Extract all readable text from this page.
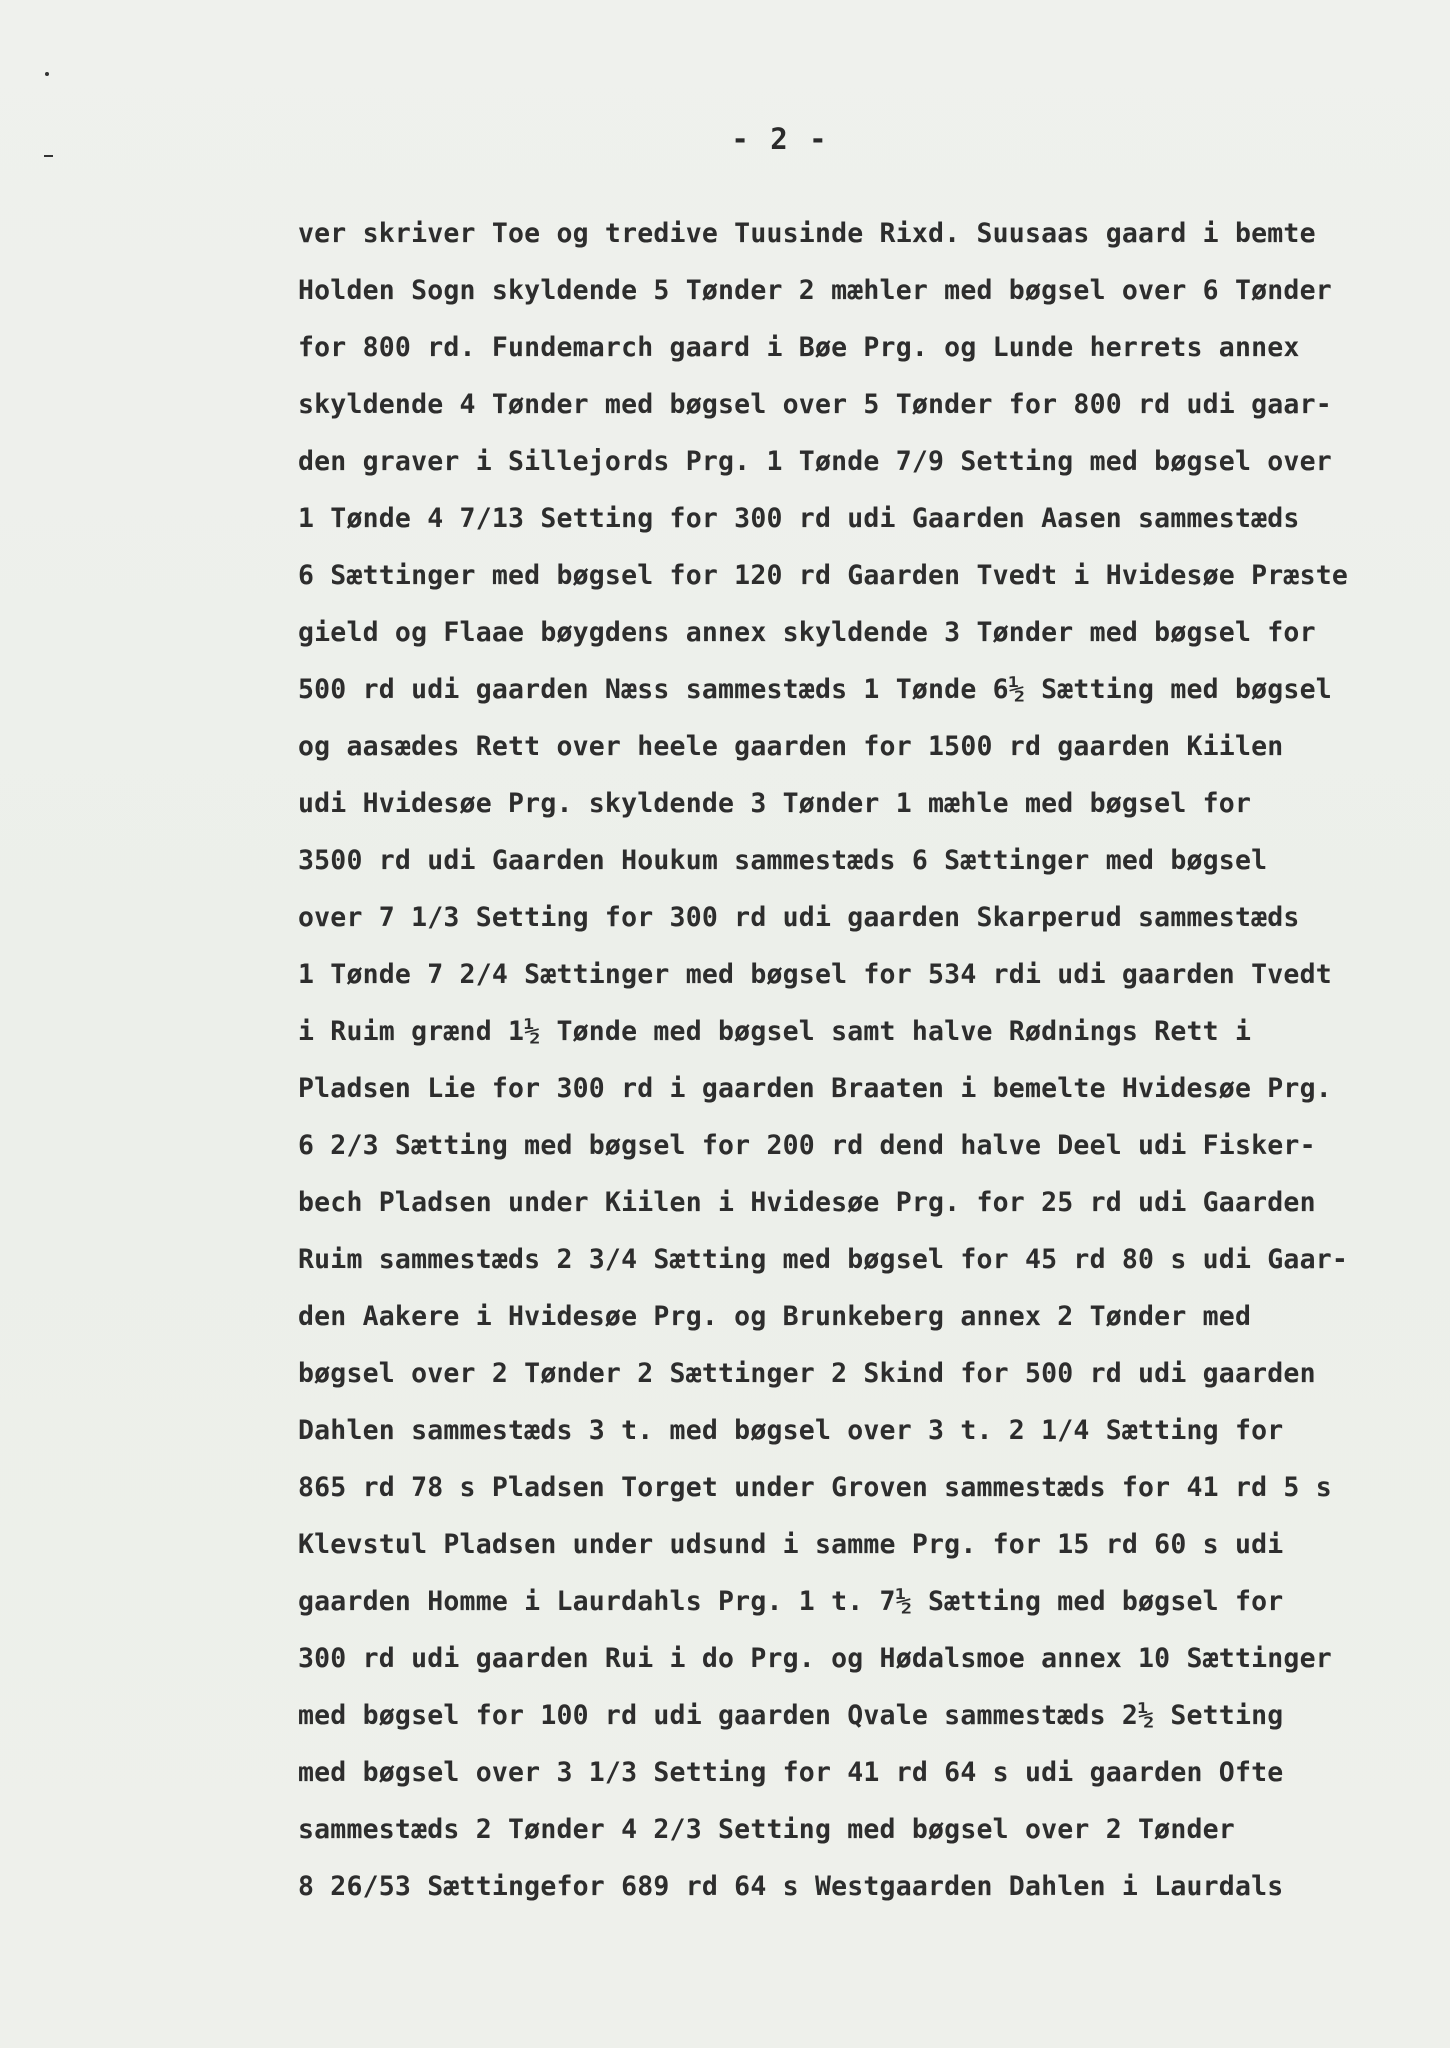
- 2 -
ver skriver Toe og tredive Tuusinde Rixd. Suusaas gaard i bemte
Holden Sogn skyldende 5 Tønder 2 mæhler med bøgsel over 6 Tønder
for 800 rd. Fundemarch gaard i Bøe Prg. og Lunde herrets annex
skyldende 4 Tønder med bøgsel over 5 Tønder for 800 rd udi gaar-
den graver i Sillejords Prg. 1 Tønde 7/9 Setting med bøgsel over
1 Tønde 4 7/13 Setting for 300 rd udi Gaarden Aasen sammestæds
6 Sættinger med bøgsel for 120 rd Gaarden Tvedt i Hvidesøe Præste
gield og Flaae bøygdens annex skyldende 3 Tønder med bøgsel for
500 rd udi gaarden Næss sammestæds 1 Tønde 6½ Sætting med bøgsel
og aasædes Rett over heele gaarden for 1500 rd gaarden Kiilen
udi Hvidesøe Prg. skyldende 3 Tønder 1 mæhle med bøgsel for
3500 rd udi Gaarden Houkum sammestæds 6 Sættinger med bøgsel
over 7 1/3 Setting for 300 rd udi gaarden Skarperud sammestæds
1 Tønde 7 2/4 Sættinger med bøgsel for 534 rdi udi gaarden Tvedt
i Ruim grænd 1½ Tønde med bøgsel samt halve Rødnings Rett i
Pladsen Lie for 300 rd i gaarden Braaten i bemelte Hvidesøe Prg.
6 2/3 Sætting med bøgsel for 200 rd dend halve Deel udi Fisker-
bech Pladsen under Kiilen i Hvidesøe Prg. for 25 rd udi Gaarden
Ruim sammestæds 2 3/4 Sætting med bøgsel for 45 rd 80 s udi Gaar-
den Aakere i Hvidesøe Prg. og Brunkeberg annex 2 Tønder med
bøgsel over 2 Tønder 2 Sættinger 2 Skind for 500 rd udi gaarden
Dahlen sammestæds 3 t. med bøgsel over 3 t. 2 1/4 Sætting for
865 rd 78 s Pladsen Torget under Groven sammestæds for 41 rd 5 s
Klevstul Pladsen under udsund i samme Prg. for 15 rd 60 s udi
gaarden Homme i Laurdahls Prg. 1 t. 7½ Sætting med bøgsel for
300 rd udi gaarden Rui i do Prg. og Hødalsmoe annex 10 Sættinger
med bøgsel for 100 rd udi gaarden Qvale sammestæds 2½ Setting
med bøgsel over 3 1/3 Setting for 41 rd 64 s udi gaarden Ofte
sammestæds 2 Tønder 4 2/3 Setting med bøgsel over 2 Tønder
8 26/53 Sættingefor 689 rd 64 s Westgaarden Dahlen i Laurdals
